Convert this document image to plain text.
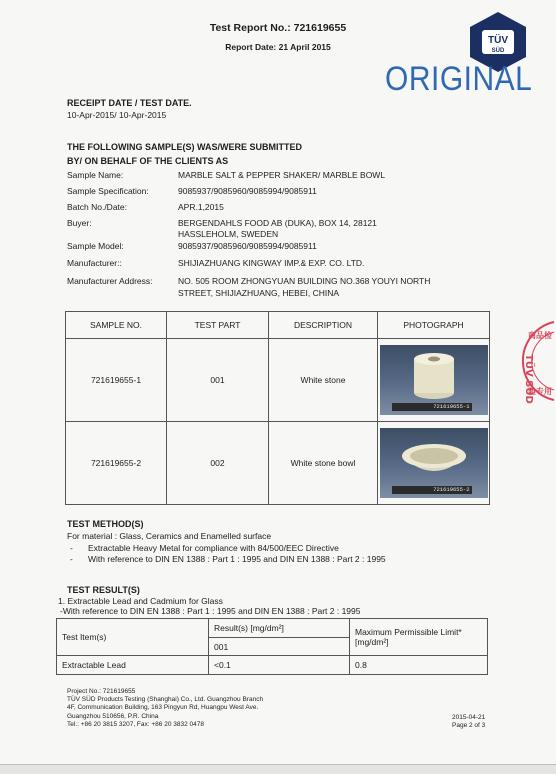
Test Report No.: 721619655
Report Date: 21 April 2015
TÜV
SÜD
ORIGINAL
RECEIPT DATE / TEST DATE.
10-Apr-2015/ 10-Apr-2015
THE FOLLOWING SAMPLE(S) WAS/WERE SUBMITTED
BY/ ON BEHALF OF THE CLIENTS AS
Sample Name:	MARBLE SALT & PEPPER SHAKER/ MARBLE BOWL
Sample Specification:	9085937/9085960/9085994/9085911
Batch No./Date:	APR.1,2015
Buyer:	BERGENDAHLS FOOD AB (DUKA), BOX 14, 28121
HASSLEHOLM, SWEDEN
Sample Model:	9085937/9085960/9085994/9085911
Manufacturer::	SHIJIAZHUANG KINGWAY IMP.& EXP. CO. LTD.
Manufacturer Address:	NO. 505 ROOM ZHONGYUAN BUILDING NO.368 YOUYI NORTH
STREET, SHIJIAZHUANG, HEBEI, CHINA
SAMPLE NO.	TEST PART	DESCRIPTION	PHOTOGRAPH
721619655-1	001	White stone	721619655-1

721619655-2	002	White stone bowl	721619655-2
商品检
TÜV SÜD
验专用
TEST METHOD(S)
For material : Glass, Ceramics and Enamelled surface
- Extractable Heavy Metal for compliance with 84/500/EEC Directive
- With reference to DIN EN 1388 : Part 1 : 1995 and DIN EN 1388 : Part 2 : 1995
TEST RESULT(S)
1. Extractable Lead and Cadmium for Glass
-With reference to DIN EN 1388 : Part 1 : 1995 and DIN EN 1388 : Part 2 : 1995
Test Item(s)	Result(s) [mg/dm²]	Maximum Permissible Limit*
[mg/dm²]

	001	
Extractable Lead	<0.1	0.8
Project No.: 721619655
TÜV SÜD Products Testing (Shanghai) Co., Ltd. Guangzhou Branch
4F, Communication Building, 163 Pingyun Rd, Huangpu West Ave.
Guangzhou 510656, P.R. China
Tel.: +86 20 3815 3207, Fax: +86 20 3832 0478
2015-04-21
Page 2 of 3
